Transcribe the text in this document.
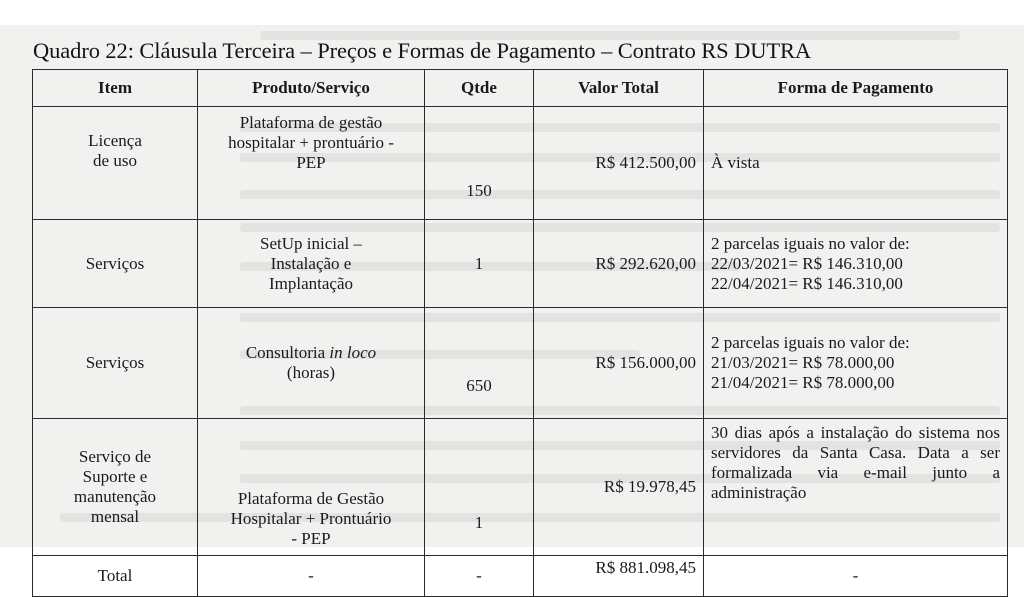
Quadro 22: Cláusula Terceira – Preços e Formas de Pagamento – Contrato RS DUTRA
Item	Produto/Serviço	Qtde	Valor Total	Forma de Pagamento

Licença
de uso	Plataforma de gestão
hospitalar + prontuário -
PEP	150	R$ 412.500,00	À vista
Serviços	SetUp inicial –
Instalação e
Implantação	1	R$ 292.620,00	2 parcelas iguais no valor de:
22/03/2021= R$ 146.310,00
22/04/2021= R$ 146.310,00

Serviços	Consultoria in loco
(horas)	650	R$ 156.000,00	2 parcelas iguais no valor de:
21/03/2021= R$ 78.000,00
21/04/2021= R$ 78.000,00

Serviço de
Suporte e
manutenção
mensal	Plataforma de Gestão
Hospitalar + Prontuário
- PEP	1	R$ 19.978,45	30 dias após a instalação do sistema nos servidores da Santa Casa. Data a ser formalizada via e-mail junto a administração
Total	-	-	R$ 881.098,45	-
